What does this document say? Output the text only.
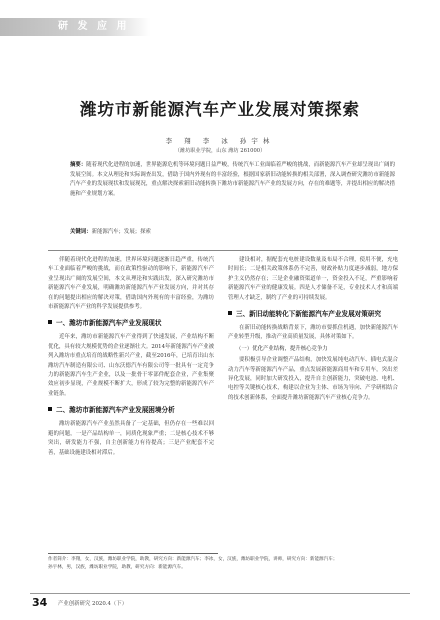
研 发 应 用
潍坊市新能源汽车产业发展对策探索
李 翔 李 冰 孙宇林
（潍坊职业学院，山东 潍坊 261000）
摘要：随着现代化进程的加速，世界能源危机等环境问题日益严峻，传统汽车工业面临着严峻的挑战，而新能源汽车产业却呈现出广阔的发展空间。本文从理论和实际调查出发，借助于国内外现有的丰富经验，根据国家新旧动能转换的相关部署，深入调查研究潍坊市新能源汽车产业的发展现状和发展现况，重点解决探索新旧动能转换下潍坊市新能源汽车产业的发展方向，存在的难题等，并提出相应的解决措施和产业规划方案。
关键词：新能源汽车；发展；探索
伴随着现代化进程的加速，世界环境问题逐渐日趋严重，传统汽车工业面临着严峻的挑战，而在政策性驱动的影响下，新能源汽车产业呈现出广阔的发展空间，本文从理论和实践出发，深入研究潍坊市新能源汽车产业发展，明确潍坊新能源汽车产业发展方向，并对其存在的问题提出相应的解决对策，借助国内外现有的丰富经验，为潍坊市新能源汽车产业的科学发展提供参考。
一、潍坊市新能源汽车产业发展现状
近年来，潍坊市新能源汽车产业得到了快速发展，产业结构不断优化，具有较大规模优势的企业逐渐壮大。2014年新能源汽车产业被列入潍坊市重点培育的战略性新兴产业，截至2016年，已培育出山东潍坊汽车制造有限公司、山东沃德汽车有限公司等一批具有一定竞争力的新能源汽车生产企业，以及一批骨干零部件配套企业，产业集聚效应初步显现，产业规模不断扩大，形成了较为完整的新能源汽车产业链条。
二、潍坊市新能源汽车产业发展困境分析
潍坊新能源汽车产业虽然具备了一定基础，但仍存在一些难以回避的问题，一是产品结构单一，同质化现象严重；二是核心技术不够突出，研发能力不强，自主创新能力有待提高；三是产业配套不完善，基础设施建设相对滞后。
建设相对，据配套充电桩建设数量及布局不合理，使用不便，充电时间长；二是相关政策体系仍不完善，财政补贴力度逐步减弱，地方保护主义仍然存在；三是企业融资渠道单一，资金投入不足，严重影响着新能源汽车产业的健康发展。四是人才储备不足，专业技术人才和高端管理人才缺乏，制约了产业的可持续发展。
三、新旧动能转化下新能源汽车产业发展对策研究
在新旧动能转换战略背景下，潍坊市要抓住机遇，加快新能源汽车产业转型升级，推动产业高质量发展，具体对策如下。
（一）优化产业结构，提升核心竞争力
要积极引导企业调整产品结构，加快发展纯电动汽车、插电式混合动力汽车等新能源汽车产品，重点发展新能源商用车和专用车，突出差异化发展，同时加大研发投入，提升自主创新能力，突破电池、电机、电控等关键核心技术，构建以企业为主体、市场为导向、产学研相结合的技术创新体系，全面提升潍坊新能源汽车产业核心竞争力。
作者简介：李翔，女，汉族，潍坊职业学院，助教，研究方向：新能源汽车；李冰，女，汉族，潍坊职业学院，讲师，研究方向：新能源汽车；
孙宇林，男，汉族，潍坊职业学院，助教，研究方向：新能源汽车。
34 产业创新研究 2020.4（下）
